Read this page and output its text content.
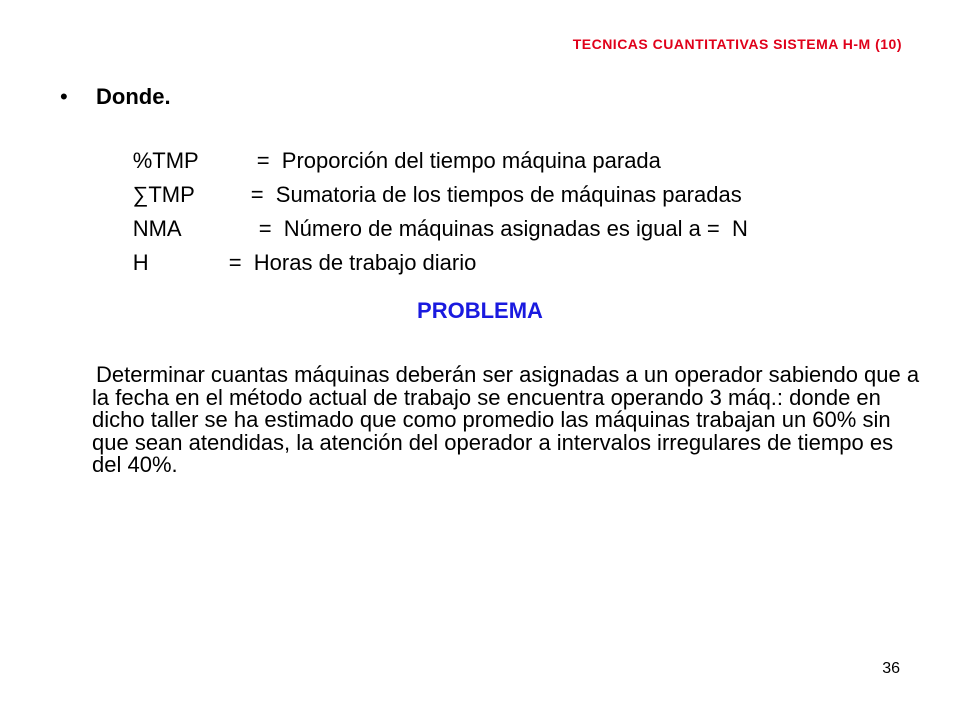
TECNICAS CUANTITATIVAS SISTEMA H-M (10)
• Donde.

%TMP	= Proporción del tiempo máquina parada

∑TMP	= Sumatoria de los tiempos de máquinas paradas

NMA	= Número de máquinas asignadas es igual a =  N

H	= Horas de trabajo diario

PROBLEMA
Determinar cuantas máquinas deberán ser asignadas a un operador sabiendo que a la fecha en el método actual de trabajo se encuentra operando 3 máq.: donde en dicho taller se ha estimado que como promedio las máquinas trabajan un 60% sin que sean atendidas, la atención del operador a intervalos irregulares de tiempo es del 40%.
36
